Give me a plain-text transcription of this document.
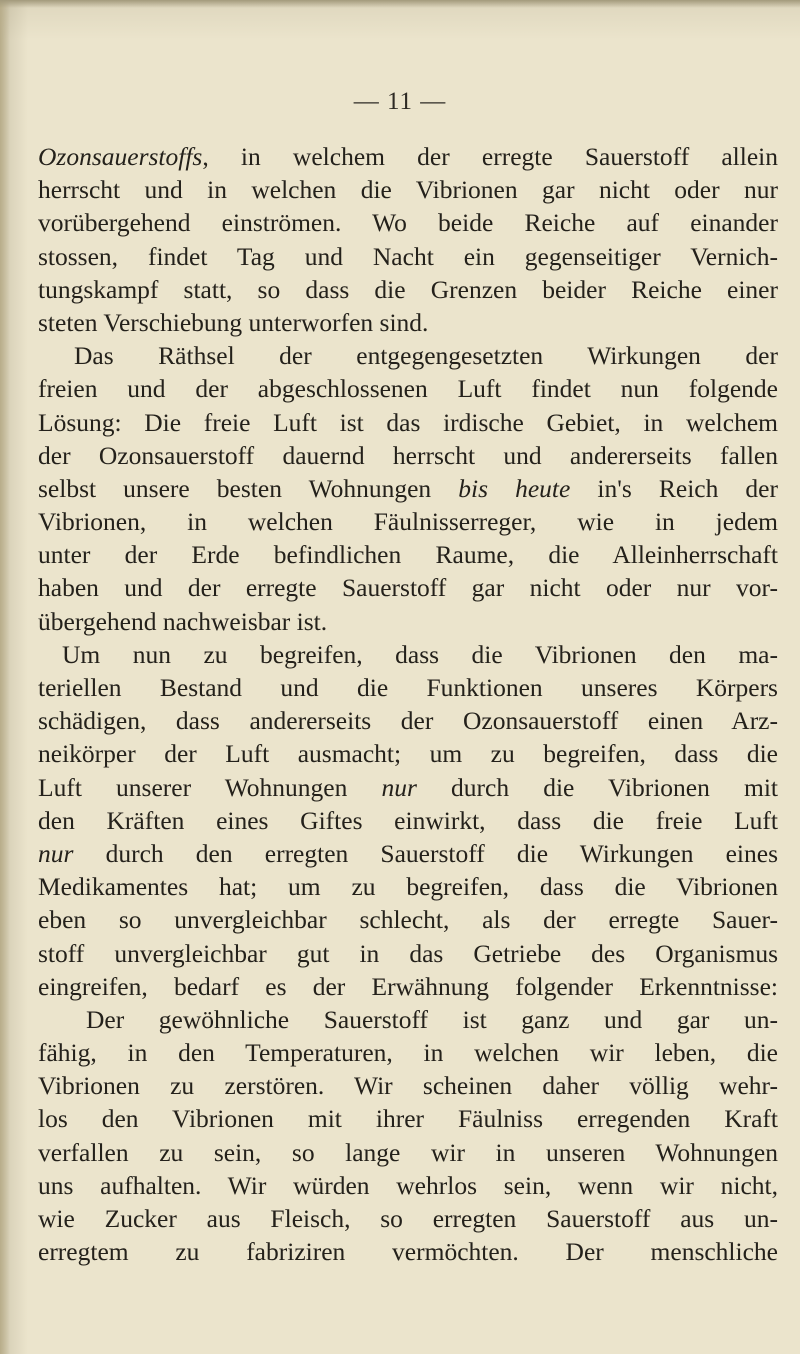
— 11 —
Ozonsauerstoffs, in welchem der erregte Sauerstoff allein
herrscht und in welchen die Vibrionen gar nicht oder nur
vorübergehend einströmen. Wo beide Reiche auf einander
stossen, findet Tag und Nacht ein gegenseitiger Vernich-
tungskampf statt, so dass die Grenzen beider Reiche einer
steten Verschiebung unterworfen sind.
Das Räthsel der entgegengesetzten Wirkungen der
freien und der abgeschlossenen Luft findet nun folgende
Lösung: Die freie Luft ist das irdische Gebiet, in welchem
der Ozonsauerstoff dauernd herrscht und andererseits fallen
selbst unsere besten Wohnungen bis heute in's Reich der
Vibrionen, in welchen Fäulnisserreger, wie in jedem
unter der Erde befindlichen Raume, die Alleinherrschaft
haben und der erregte Sauerstoff gar nicht oder nur vor-
übergehend nachweisbar ist.
Um nun zu begreifen, dass die Vibrionen den ma-
teriellen Bestand und die Funktionen unseres Körpers
schädigen, dass andererseits der Ozonsauerstoff einen Arz-
neikörper der Luft ausmacht; um zu begreifen, dass die
Luft unserer Wohnungen nur durch die Vibrionen mit
den Kräften eines Giftes einwirkt, dass die freie Luft
nur durch den erregten Sauerstoff die Wirkungen eines
Medikamentes hat; um zu begreifen, dass die Vibrionen
eben so unvergleichbar schlecht, als der erregte Sauer-
stoff unvergleichbar gut in das Getriebe des Organismus
eingreifen, bedarf es der Erwähnung folgender Erkenntnisse:
Der gewöhnliche Sauerstoff ist ganz und gar un-
fähig, in den Temperaturen, in welchen wir leben, die
Vibrionen zu zerstören. Wir scheinen daher völlig wehr-
los den Vibrionen mit ihrer Fäulniss erregenden Kraft
verfallen zu sein, so lange wir in unseren Wohnungen
uns aufhalten. Wir würden wehrlos sein, wenn wir nicht,
wie Zucker aus Fleisch, so erregten Sauerstoff aus un-
erregtem zu fabriziren vermöchten. Der menschliche
